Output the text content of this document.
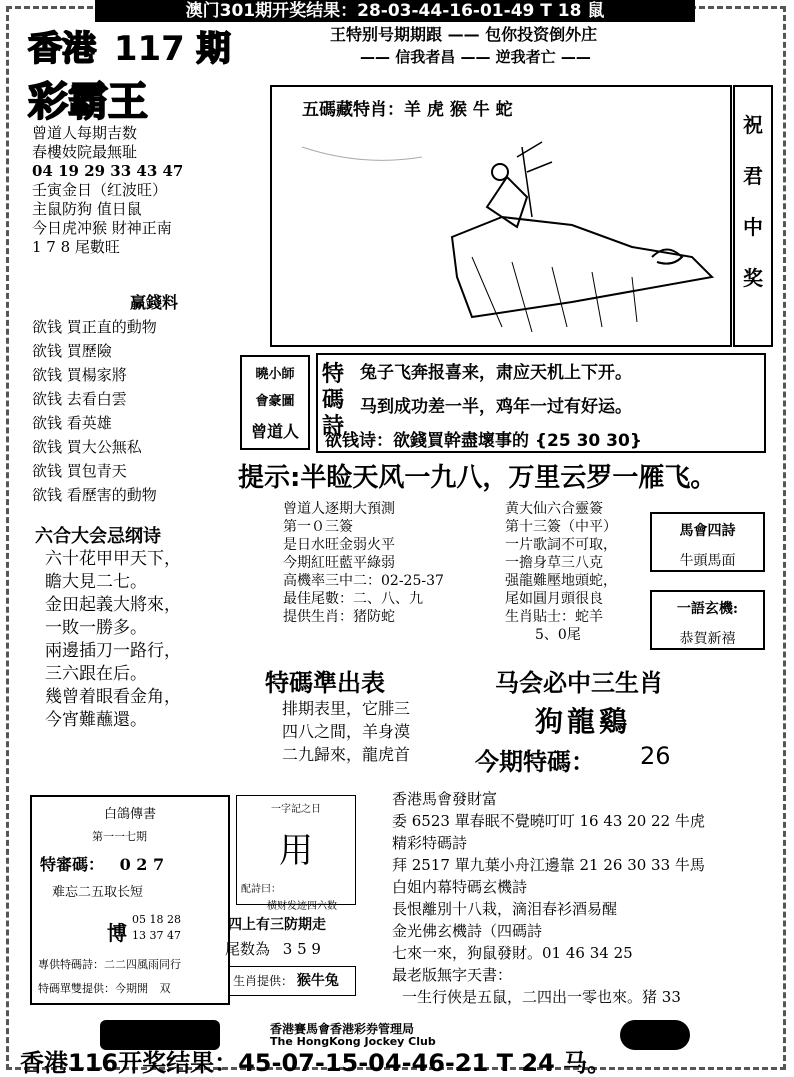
澳门301期开奖结果：28-03-44-16-01-49 T 18 鼠
香港 117 期
彩霸王
王特别号期期跟 —— 包你投资倒外庄
—— 信我者昌 —— 逆我者亡 ——
曾道人每期吉数
春樓妓院最無耻
04 19 29 33 43 47
壬寅金日（红波旺）
主鼠防狗 值日鼠
今日虎冲猴 財神正南
1 7 8 尾數旺
赢錢料
欲钱 買正直的動物
欲钱 買歷險
欲钱 買楊家將
欲钱 去看白雲
欲钱 看英雄
欲钱 買大公無私
欲钱 買包青天
欲钱 看歷害的動物
五碼藏特肖：羊 虎 猴 牛 蛇
祝
君
中
奖
曉小師
會豪圖
曾道人
特碼詩
兔子飞奔报喜来，肃应天机上下开。
马到成功差一半，鸡年一过有好运。
欲钱诗：欲錢買幹盡壞事的 {25 30 30}
提示:半睑天风一九八，万里云罗一雁飞。
六合大会忌纲诗
六十花甲甲天下，
瞻大見二七。
金田起義大將來，
一敗一勝多。
兩邊插刀一路行，
三六跟在后。
幾曾着眼看金角，
今宵難蘸還。
曾道人逐期大預測
第一０三簽
是日水旺金弱火平
今期紅旺藍平綠弱
高機率三中二：02-25-37
最佳尾數：二、八、九
提供生肖：猪防蛇
黄大仙六合靈簽
第十三簽（中平）
一片歌詞不可取，
一擔身草三八克
强龍難壓地頭蛇，
尾如圓月頭很良
生肖貼士：蛇羊
5、0尾
馬會四詩
牛頭馬面
一語玄機:
恭賀新禧
特碼準出表
排期表里，它腓三
四八之間，羊身漠
二九歸來，龍虎首
马会必中三生肖
狗龍鷄
今期特碼： 26
白鴿傳書
第一一七期
特審碼： 0 2 7
难忘二五取长短
05 18 28
13 37 47
博
專供特碼詩：二二四風雨同行
特碼單雙提供：今期開 双
一字記之日
用
配詩曰：
横财发迹四六数
四上有三防期走
尾数為 3 5 9
生肖提供： 猴牛兔
香港馬會發財富
委 6523 單春眠不覺曉叮叮 16 43 20 22 牛虎
精彩特碼詩
拜 2517 單九葉小舟江邊靠 21 26 30 33 牛馬
白姐内幕特碼玄機詩
長恨離別十八栽，滴泪春衫酒易醒
金光佛玄機詩（四碼詩
七來一來，狗鼠發財。01 46 34 25
最老版無字天書：
一生行俠是五鼠，二四出一零也來。猪 33
香港賽馬會香港彩券管理局
The HongKong Jockey Club
香港116开奖结果：45-07-15-04-46-21 T 24 马。
